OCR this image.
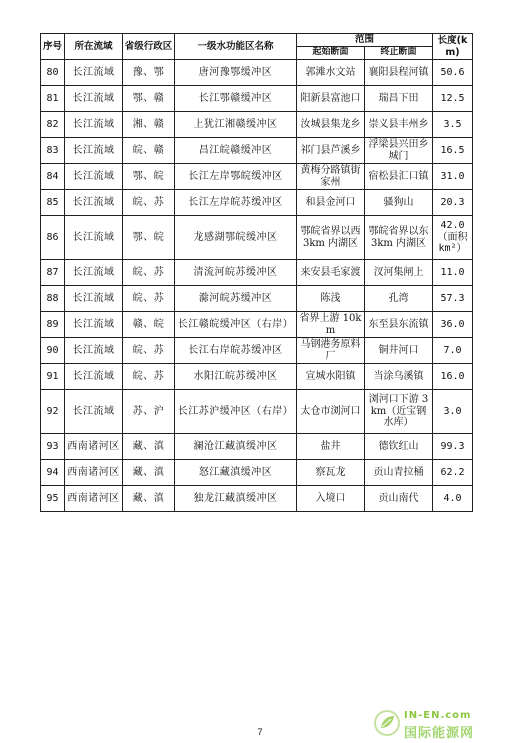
序号	所在流域	省级行政区	一级水功能区名称	范围		长度(km)
				起始断面	终止断面	
80	长江流域	豫、鄂	唐河豫鄂缓冲区	郭滩水文站	襄阳县程河镇	50.6
81	长江流域	鄂、赣	长江鄂赣缓冲区	阳新县富池口	瑞昌下田	12.5
82	长江流域	湘、赣	上犹江湘赣缓冲区	汝城县集龙乡	崇义县丰州乡	3.5
83	长江流域	皖、赣	昌江皖赣缓冲区	祁门县芦溪乡	浮梁县兴田乡城门	16.5
84	长江流域	鄂、皖	长江左岸鄂皖缓冲区	黄梅分路镇街家州	宿松县汇口镇	31.0
85	长江流域	皖、苏	长江左岸皖苏缓冲区	和县金河口	骚狗山	20.3
86	长江流域	鄂、皖	龙感湖鄂皖缓冲区	鄂皖省界以西 3km 内湖区	鄂皖省界以东 3km 内湖区	42.0（面积 km²）
87	长江流域	皖、苏	清流河皖苏缓冲区	来安县毛家渡	汊河集闸上	11.0
88	长江流域	皖、苏	滁河皖苏缓冲区	陈浅	孔湾	57.3
89	长江流域	赣、皖	长江赣皖缓冲区（右岸）	省界上游 10km	东至县东流镇	36.0
90	长江流域	皖、苏	长江右岸皖苏缓冲区	马钢港务原料厂	铜井河口	7.0
91	长江流域	皖、苏	水阳江皖苏缓冲区	宣城水阳镇	当涂乌溪镇	16.0
92	长江流域	苏、沪	长江苏沪缓冲区（右岸）	太仓市浏河口	浏河口下游 3km（近宝钢水库）	3.0
93	西南诸河区	藏、滇	澜沧江藏滇缓冲区	盐井	德钦红山	99.3
94	西南诸河区	藏、滇	怒江藏滇缓冲区	察瓦龙	贡山青拉桶	62.2
95	西南诸河区	藏、滇	独龙江藏滇缓冲区	入境口	贡山南代	4.0
7
IN-EN.com
国际能源网
